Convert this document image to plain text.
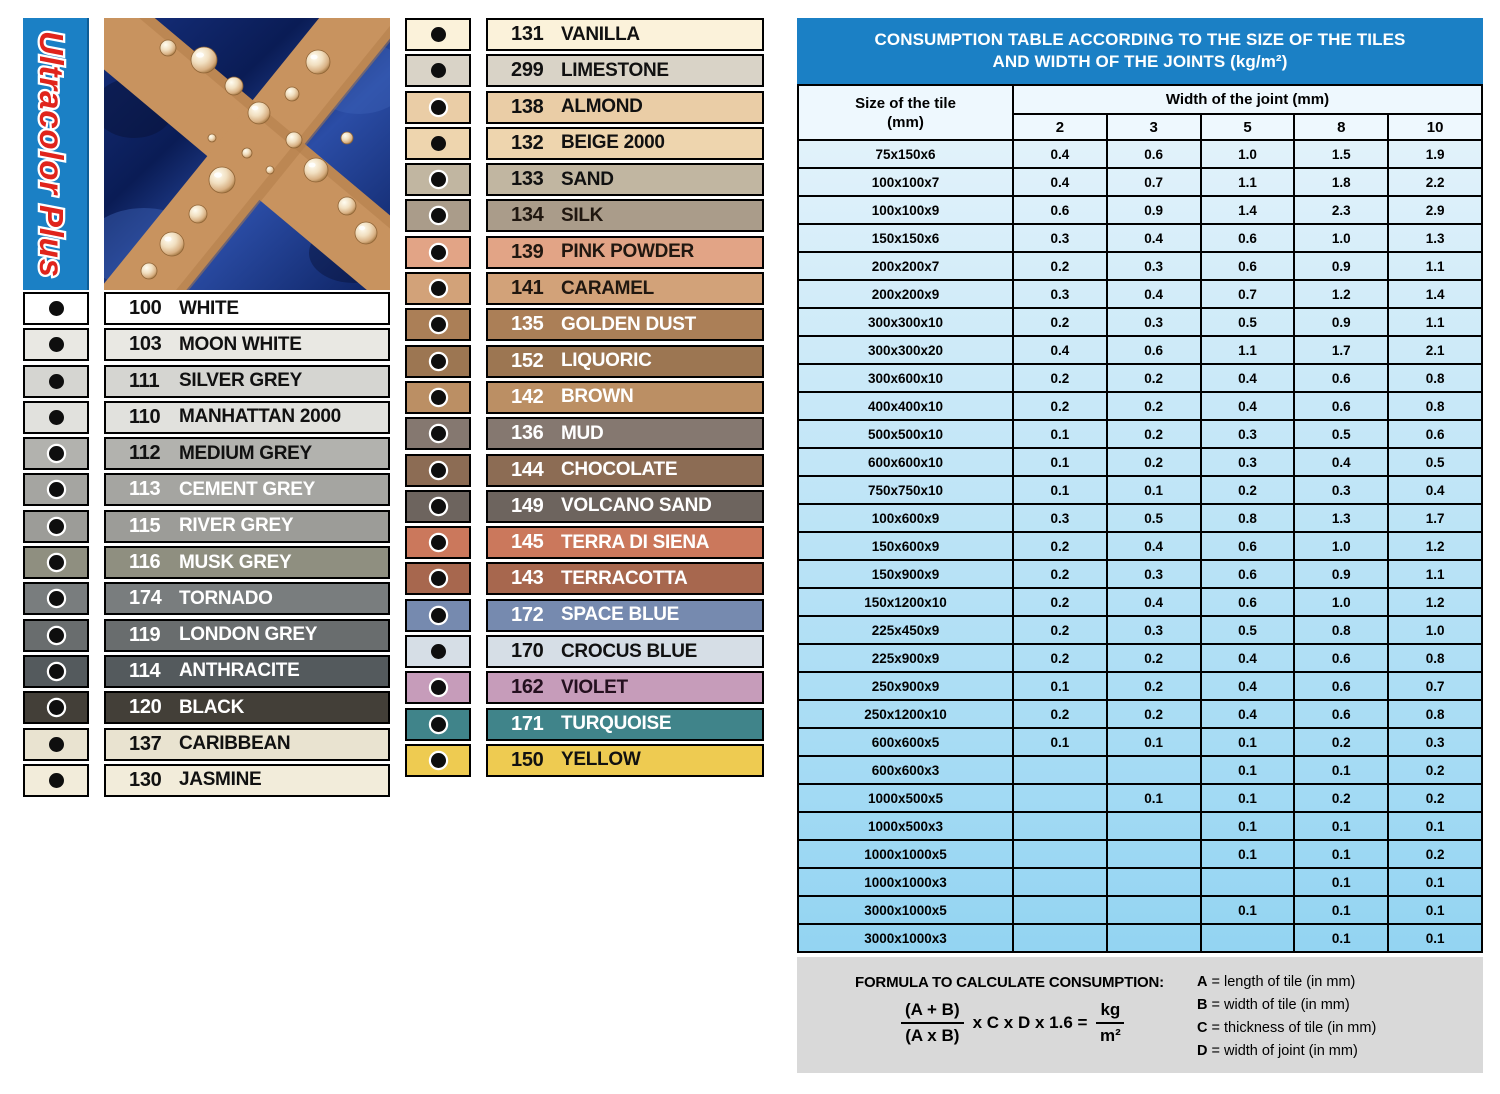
Ultracolor Plus
100 WHITE
103 MOON WHITE
111	SILVER GREY
110 MANHATTAN 2000
112 MEDIUM GREY
113 CEMENT GREY
115 RIVER GREY
116 MUSK GREY
174 TORNADO
119 LONDON GREY
114 ANTHRACITE
120 BLACK
137 CARIBBEAN
130 JASMINE
131 VANILLA
299 LIMESTONE
138 ALMOND
132 BEIGE 2000
133 SAND
134 SILK
139 PINK POWDER
141 CARAMEL
135 GOLDEN DUST
152 LIQUORIC
142 BROWN
136 MUD
144 CHOCOLATE
149 VOLCANO SAND
145 TERRA DI SIENA
143 TERRACOTTA
172 SPACE BLUE
170 CROCUS BLUE
162 VIOLET
171 TURQUOISE
150 YELLOW
CONSUMPTION TABLE ACCORDING TO THE SIZE OF THE TILES
AND WIDTH OF THE JOINTS (kg/m²)
Size of the tile
(mm)	Width of the joint (mm)				
	2	3	5	8	10
75x150x6	0.4	0.6	1.0	1.5	1.9
100x100x7	0.4	0.7	1.1	1.8	2.2
100x100x9	0.6	0.9	1.4	2.3	2.9
150x150x6	0.3	0.4	0.6	1.0	1.3
200x200x7	0.2	0.3	0.6	0.9	1.1
200x200x9	0.3	0.4	0.7	1.2	1.4
300x300x10	0.2	0.3	0.5	0.9	1.1
300x300x20	0.4	0.6	1.1	1.7	2.1
300x600x10	0.2	0.2	0.4	0.6	0.8
400x400x10	0.2	0.2	0.4	0.6	0.8
500x500x10	0.1	0.2	0.3	0.5	0.6
600x600x10	0.1	0.2	0.3	0.4	0.5
750x750x10	0.1	0.1	0.2	0.3	0.4
100x600x9	0.3	0.5	0.8	1.3	1.7
150x600x9	0.2	0.4	0.6	1.0	1.2
150x900x9	0.2	0.3	0.6	0.9	1.1
150x1200x10	0.2	0.4	0.6	1.0	1.2
225x450x9	0.2	0.3	0.5	0.8	1.0
225x900x9	0.2	0.2	0.4	0.6	0.8
250x900x9	0.1	0.2	0.4	0.6	0.7
250x1200x10	0.2	0.2	0.4	0.6	0.8
600x600x5	0.1	0.1	0.1	0.2	0.3
600x600x3			0.1	0.1	0.2
1000x500x5		0.1	0.1	0.2	0.2
1000x500x3			0.1	0.1	0.1
1000x1000x5			0.1	0.1	0.2
1000x1000x3				0.1	0.1
3000x1000x5			0.1	0.1	0.1
3000x1000x3				0.1	0.1
FORMULA TO CALCULATE CONSUMPTION:
$\frac{(A + B)}{\text{(A x B)}}$ x C x D x $1.6 = \frac{kg}{\text{m²}}$
A = length of tile (in mm)
B = width of tile (in mm)
C = thickness of tile (in mm)
D = width of joint (in mm)
